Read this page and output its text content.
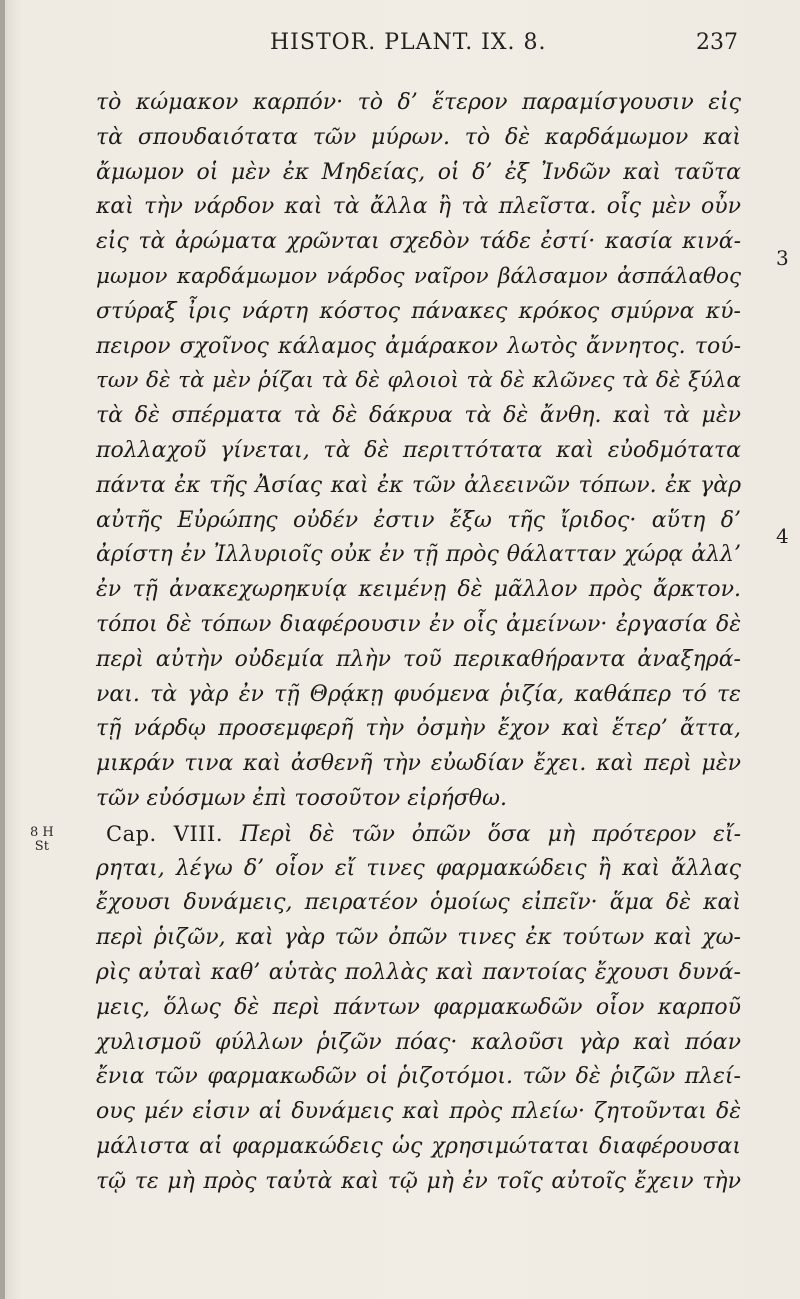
HISTOR. PLANT. IX. 8.	237
3
4
8 H
St
τὸ κώμακον καρπόν· τὸ δ’ ἕτερον παραμίσγουσιν εἰς
τὰ σπουδαιότατα τῶν μύρων. τὸ δὲ καρδάμωμον καὶ
ἄμωμον οἱ μὲν ἐκ Μηδείας, οἱ δ’ ἐξ Ἰνδῶν καὶ ταῦτα
καὶ τὴν νάρδον καὶ τὰ ἄλλα ἢ τὰ πλεῖστα. οἷς μὲν οὖν
εἰς τὰ ἀρώματα χρῶνται σχεδὸν τάδε ἐστί· κασία κινά-
μωμον καρδάμωμον νάρδος ναῖρον βάλσαμον ἀσπάλαθος
στύραξ ἶρις νάρτη κόστος πάνακες κρόκος σμύρνα κύ-
πειρον σχοῖνος κάλαμος ἀμάρακον λωτὸς ἄννητος. τού-
των δὲ τὰ μὲν ῥίζαι τὰ δὲ φλοιοὶ τὰ δὲ κλῶνες τὰ δὲ ξύλα
τὰ δὲ σπέρματα τὰ δὲ δάκρυα τὰ δὲ ἄνθη. καὶ τὰ μὲν
πολλαχοῦ γίνεται, τὰ δὲ περιττότατα καὶ εὐοδμότατα
πάντα ἐκ τῆς Ἀσίας καὶ ἐκ τῶν ἀλεεινῶν τόπων. ἐκ γὰρ
αὐτῆς Εὐρώπης οὐδέν ἐστιν ἔξω τῆς ἴριδος· αὕτη δ’
ἀρίστη ἐν Ἰλλυριοῖς οὐκ ἐν τῇ πρὸς θάλατταν χώρᾳ ἀλλ’
ἐν τῇ ἀνακεχωρηκυίᾳ κειμένῃ δὲ μᾶλλον πρὸς ἄρκτον.
τόποι δὲ τόπων διαφέρουσιν ἐν οἷς ἀμείνων· ἐργασία δὲ
περὶ αὐτὴν οὐδεμία πλὴν τοῦ περικαθήραντα ἀναξηρά-
ναι. τὰ γὰρ ἐν τῇ Θρᾴκῃ φυόμενα ῥιζία, καθάπερ τό τε
τῇ νάρδῳ προσεμφερῆ τὴν ὀσμὴν ἔχον καὶ ἕτερ’ ἄττα,
μικράν τινα καὶ ἀσθενῆ τὴν εὐωδίαν ἔχει. καὶ περὶ μὲν
τῶν εὐόσμων ἐπὶ τοσοῦτον εἰρήσθω.
Cap. VIII. Περὶ δὲ τῶν ὀπῶν ὅσα μὴ πρότερον εἴ-
ρηται, λέγω δ’ οἷον εἴ τινες φαρμακώδεις ἢ καὶ ἄλλας
ἔχουσι δυνάμεις, πειρατέον ὁμοίως εἰπεῖν· ἅμα δὲ καὶ
περὶ ῥιζῶν, καὶ γὰρ τῶν ὀπῶν τινες ἐκ τούτων καὶ χω-
ρὶς αὐταὶ καθ’ αὑτὰς πολλὰς καὶ παντοίας ἔχουσι δυνά-
μεις, ὅλως δὲ περὶ πάντων φαρμακωδῶν οἷον καρποῦ
χυλισμοῦ φύλλων ῥιζῶν πόας· καλοῦσι γὰρ καὶ πόαν
ἔνια τῶν φαρμακωδῶν οἱ ῥιζοτόμοι. τῶν δὲ ῥιζῶν πλεί-
ους μέν εἰσιν αἱ δυνάμεις καὶ πρὸς πλείω· ζητοῦνται δὲ
μάλιστα αἱ φαρμακώδεις ὡς χρησιμώταται διαφέρουσαι
τῷ τε μὴ πρὸς ταὐτὰ καὶ τῷ μὴ ἐν τοῖς αὐτοῖς ἔχειν τὴν
